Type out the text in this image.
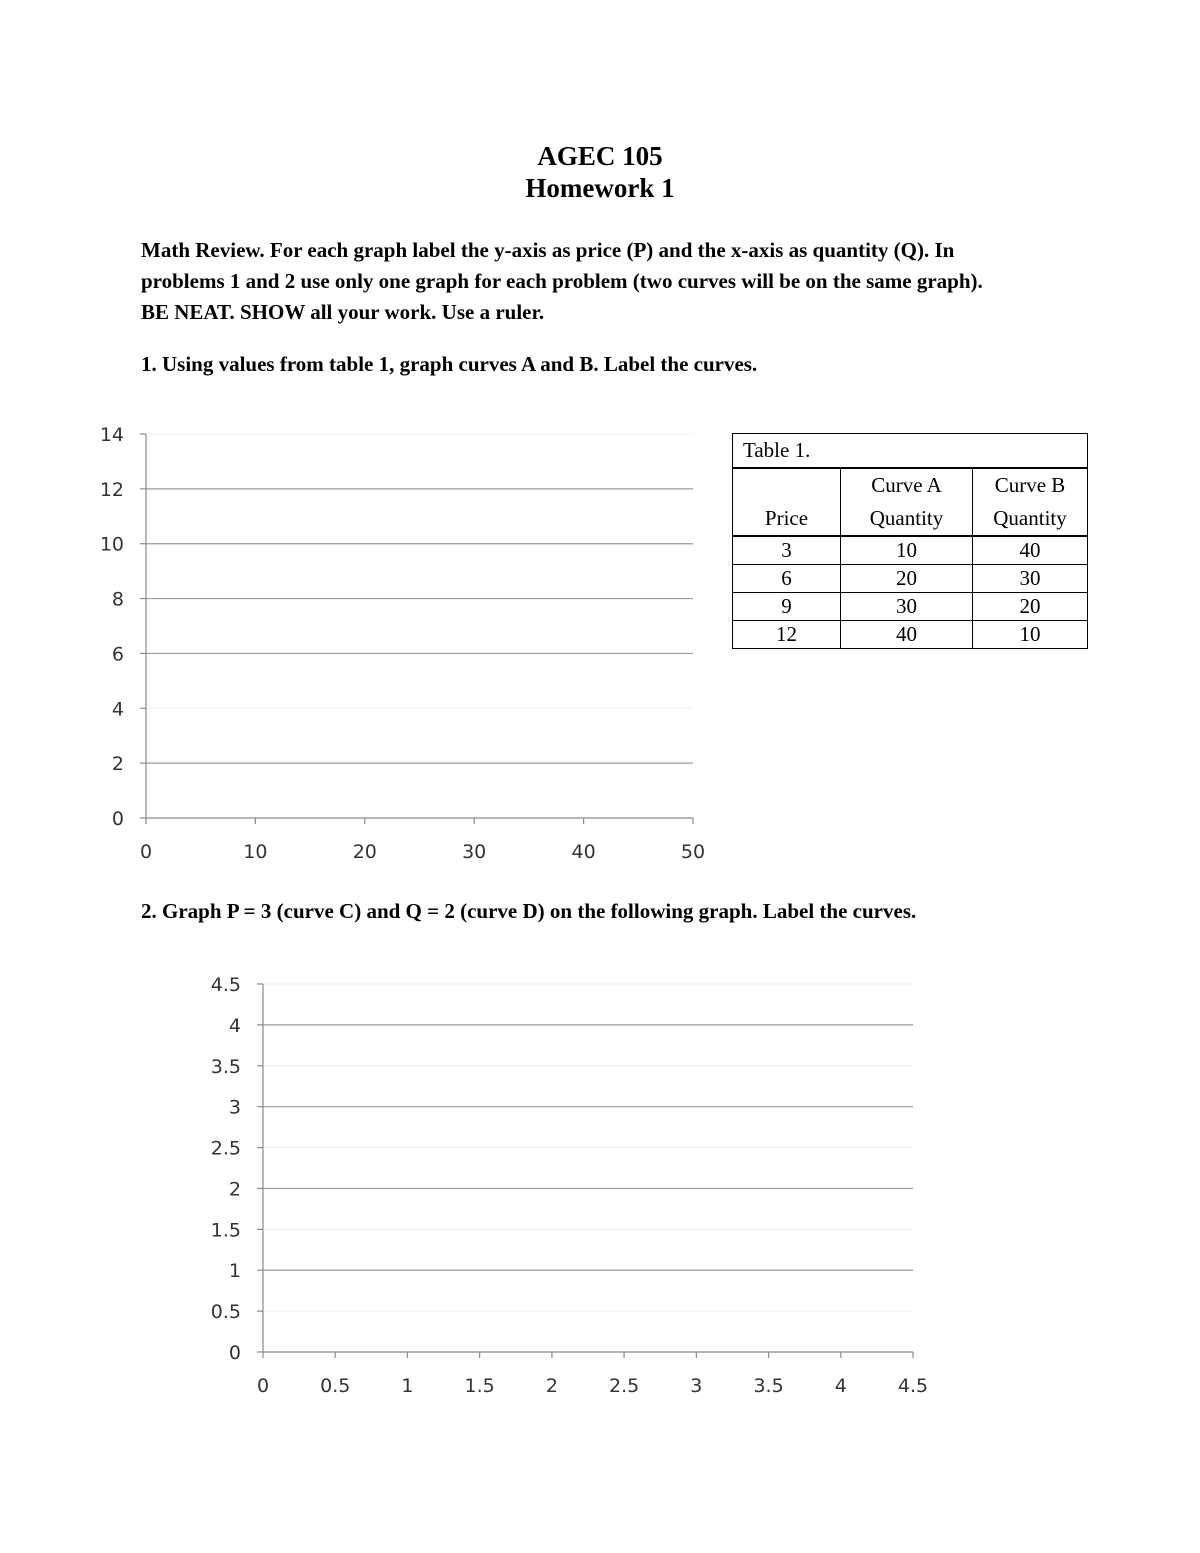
AGEC 105
Homework 1

Math Review. For each graph label the y-axis as price (P) and the x-axis as quantity (Q). In

problems 1 and 2 use only one graph for each problem (two curves will be on the same graph).

BE NEAT. SHOW all your work. Use a ruler.

1. Using values from table 1, graph curves A and B. Label the curves.
0
2
4
6
8
10
12
14
0	10	20	30	40	50
Table 1.		
	Curve A	Curve B
Price	Quantity	Quantity
3	10	40
6	20	30
9	30	20
12	40	10
2. Graph P = 3 (curve C) and Q = 2 (curve D) on the following graph. Label the curves.
0
0.5
1
1.5
2
2.5
3
3.5
4
4.5
0	0.5	1	1.5	2	2.5	3	3.5	4	4.5
